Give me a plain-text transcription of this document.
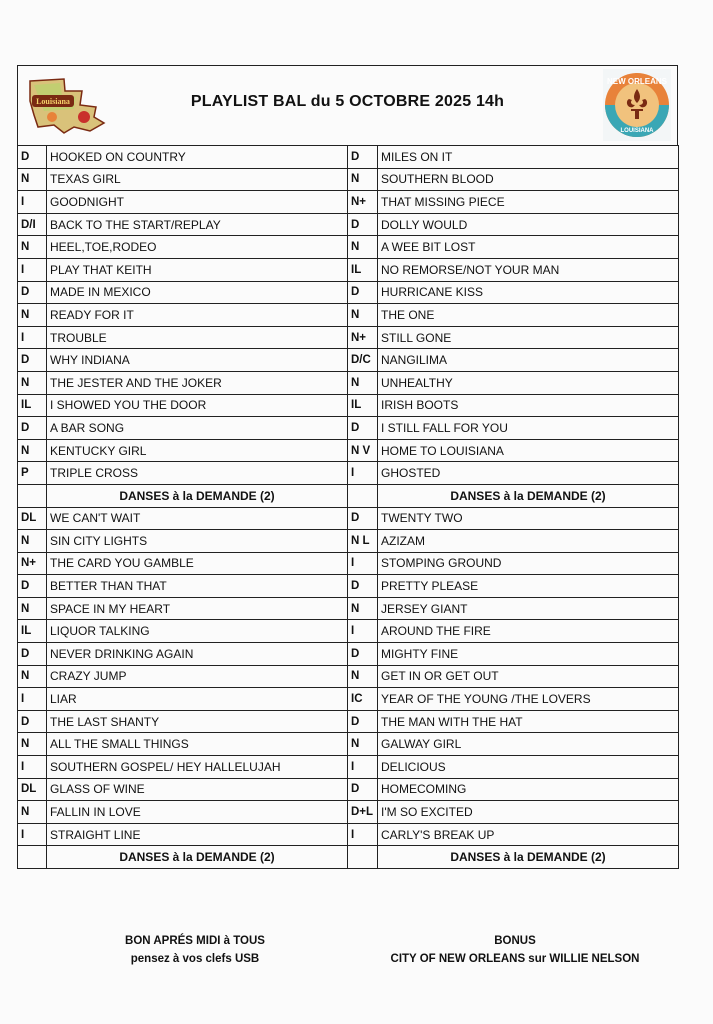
Louisiana	PLAYLIST BAL du 5 OCTOBRE 2025 14h
NEW ORLEANS
LOUISIANA
D	HOOKED ON COUNTRY	D	MILES ON IT
N	TEXAS GIRL	N	SOUTHERN BLOOD
I	GOODNIGHT	N+	THAT MISSING PIECE
D/I	BACK TO THE START/REPLAY	D	DOLLY WOULD
N	HEEL,TOE,RODEO	N	A WEE BIT LOST
I	PLAY THAT KEITH	IL	NO REMORSE/NOT YOUR MAN
D	MADE IN MEXICO	D	HURRICANE KISS
N	READY FOR IT	N	THE ONE
I	TROUBLE	N+	STILL GONE
D	WHY INDIANA	D/C	NANGILIMA
N	THE JESTER AND THE JOKER	N	UNHEALTHY
IL	I SHOWED YOU THE DOOR	IL	IRISH BOOTS
D	A BAR SONG	D	I STILL FALL FOR YOU
N	KENTUCKY GIRL	N V	HOME TO LOUISIANA
P	TRIPLE CROSS	I	GHOSTED
	DANSES à la DEMANDE (2)		DANSES à la DEMANDE (2)
DL	WE CAN'T WAIT	D	TWENTY TWO
N	SIN CITY LIGHTS	N L	AZIZAM
N+	THE CARD YOU GAMBLE	I	STOMPING GROUND
D	BETTER THAN THAT	D	PRETTY PLEASE
N	SPACE IN MY HEART	N	JERSEY GIANT
IL	LIQUOR TALKING	I	AROUND THE FIRE
D	NEVER DRINKING AGAIN	D	MIGHTY FINE
N	CRAZY JUMP	N	GET IN OR GET OUT
I	LIAR	IC	YEAR OF THE YOUNG /THE LOVERS
D	THE LAST SHANTY	D	THE MAN WITH THE HAT
N	ALL THE SMALL THINGS	N	GALWAY GIRL
I	SOUTHERN GOSPEL/ HEY HALLELUJAH	I	DELICIOUS
DL	GLASS OF WINE	D	HOMECOMING
N	FALLIN IN LOVE	D+L	I'M SO EXCITED
I	STRAIGHT LINE	I	CARLY'S BREAK UP
	DANSES à la DEMANDE (2)		DANSES à la DEMANDE (2)
BON APRÉS MIDI à TOUS
pensez à vos clefs USB
BONUS
CITY OF NEW ORLEANS sur WILLIE NELSON
